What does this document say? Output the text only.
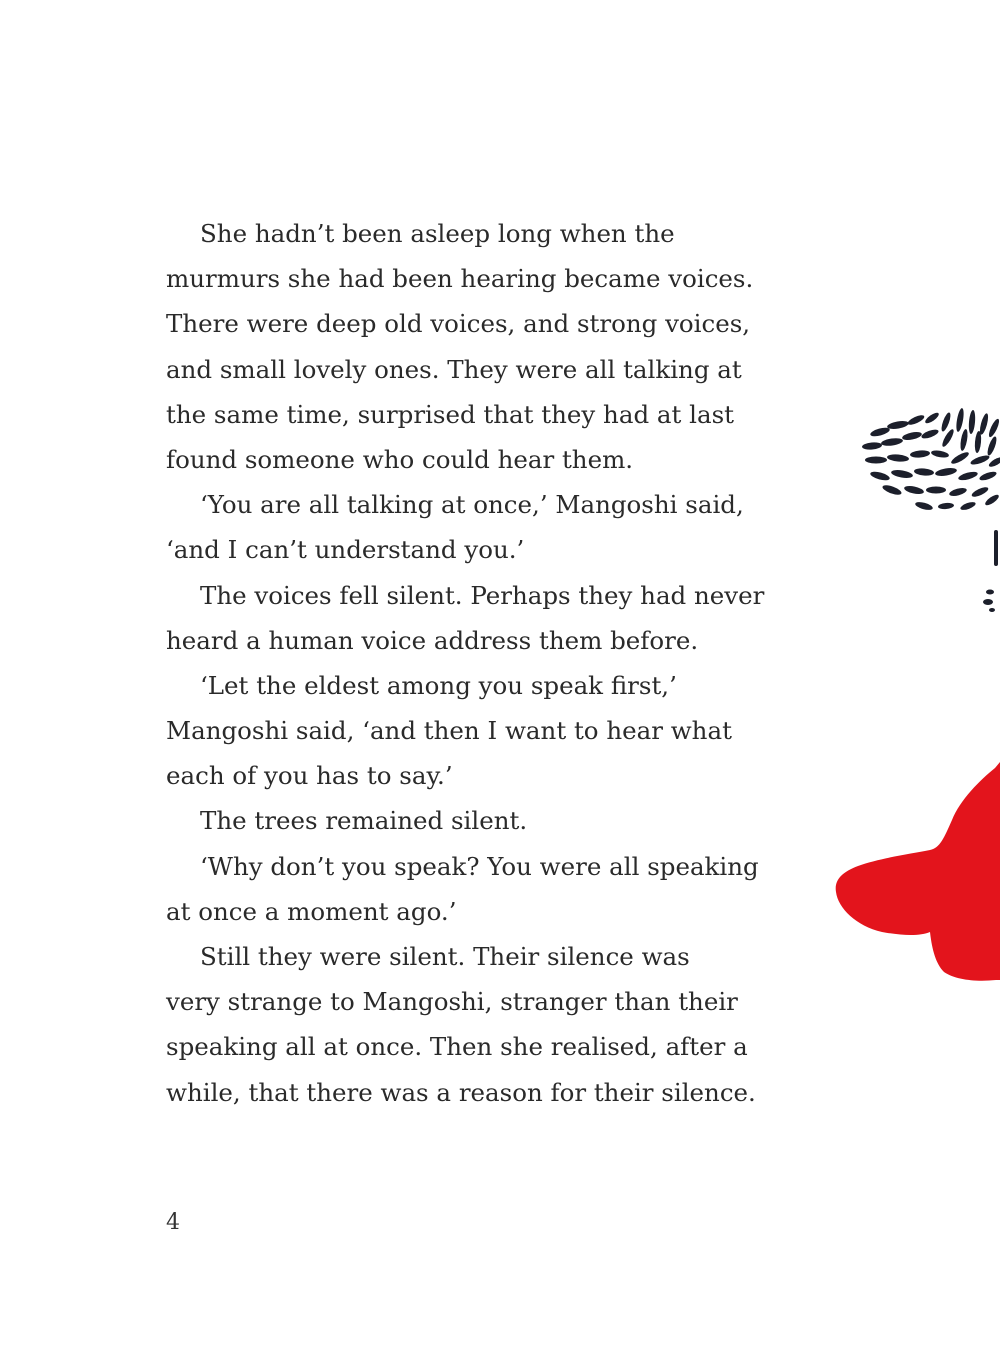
She hadn’t been asleep long when the
murmurs she had been hearing became voices.
There were deep old voices, and strong voices,
and small lovely ones. They were all talking at
the same time, surprised that they had at last
found someone who could hear them.
‘You are all talking at once,’ Mangoshi said,
‘and I can’t understand you.’
The voices fell silent. Perhaps they had never
heard a human voice address them before.
‘Let the eldest among you speak first,’
Mangoshi said, ‘and then I want to hear what
each of you has to say.’
The trees remained silent.
‘Why don’t you speak? You were all speaking
at once a moment ago.’
Still they were silent. Their silence was
very strange to Mangoshi, stranger than their
speaking all at once. Then she realised, after a
while, that there was a reason for their silence.
4
